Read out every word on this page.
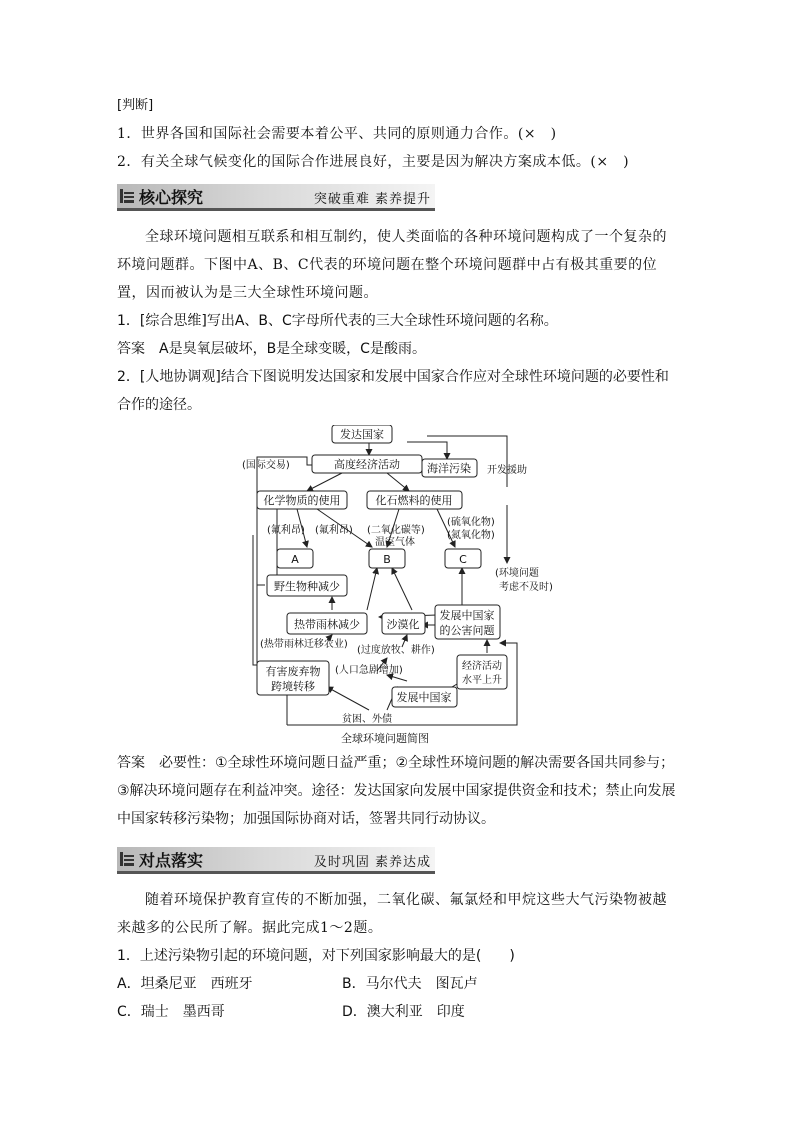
[判断]
1．世界各国和国际社会需要本着公平、共同的原则通力合作。(×　)
2．有关全球气候变化的国际合作进展良好，主要是因为解决方案成本低。(×　)
核心探究	突破重难 素养提升
全球环境问题相互联系和相互制约，使人类面临的各种环境问题构成了一个复杂的环境问题群。下图中A、B、C代表的环境问题在整个环境问题群中占有极其重要的位置，因而被认为是三大全球性环境问题。
1．[综合思维]写出A、B、C字母所代表的三大全球性环境问题的名称。
答案　A是臭氧层破坏，B是全球变暖，C是酸雨。
2．[人地协调观]结合下图说明发达国家和发展中国家合作应对全球性环境问题的必要性和合作的途径。
发达国家
高度经济活动 海洋污染
化学物质的使用	化石燃料的使用
A	B	C
野生物种减少
热带雨林减少 沙漠化
发展中国家
的公害问题
有害废弃物
跨境转移
经济活动
水平上升
发展中国家
(国际交易)	开发援助
(氟利昂) (氟利昂) (二氧化碳等)
温室气体
(硫氧化物)
(氮氧化物)
(环境问题
考虑不及时)
(热带雨林迁移农业)
(过度放牧、耕作)
(人口急剧增加)
贫困、外债
全球环境问题简图
答案　必要性：①全球性环境问题日益严重；②全球性环境问题的解决需要各国共同参与；③解决环境问题存在利益冲突。途径：发达国家向发展中国家提供资金和技术；禁止向发展中国家转移污染物；加强国际协商对话，签署共同行动协议。
对点落实	及时巩固 素养达成
随着环境保护教育宣传的不断加强，二氧化碳、氟氯烃和甲烷这些大气污染物被越来越多的公民所了解。据此完成1～2题。
1．上述污染物引起的环境问题，对下列国家影响最大的是(　　)
A．坦桑尼亚　西班牙	B．马尔代夫　图瓦卢
C．瑞士　墨西哥	D．澳大利亚　印度
